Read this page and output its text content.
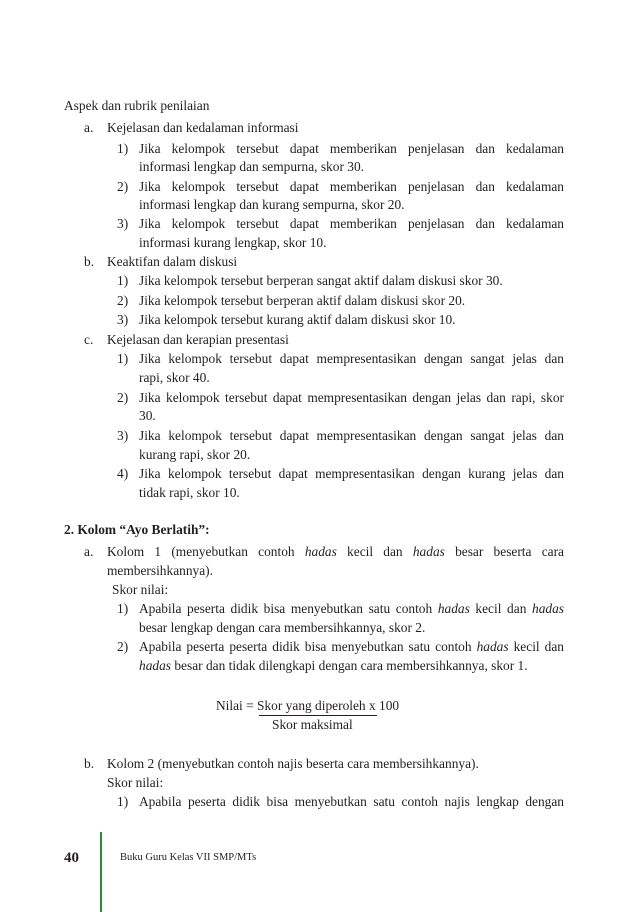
Aspek dan rubrik penilaian
a. Kejelasan dan kedalaman informasi
1) Jika kelompok tersebut dapat memberikan penjelasan dan kedalaman
informasi lengkap dan sempurna, skor 30.
2) Jika kelompok tersebut dapat memberikan penjelasan dan kedalaman
informasi lengkap dan kurang sempurna, skor 20.
3) Jika kelompok tersebut dapat memberikan penjelasan dan kedalaman
informasi kurang lengkap, skor 10.
b. Keaktifan dalam diskusi
1) Jika kelompok tersebut berperan sangat aktif dalam diskusi skor 30.
2) Jika kelompok tersebut berperan aktif dalam diskusi skor 20.
3) Jika kelompok tersebut kurang aktif dalam diskusi skor 10.
c. Kejelasan dan kerapian presentasi
1) Jika kelompok tersebut dapat mempresentasikan dengan sangat jelas dan
rapi, skor 40.
2) Jika kelompok tersebut dapat mempresentasikan dengan jelas dan rapi, skor
30.
3) Jika kelompok tersebut dapat mempresentasikan dengan sangat jelas dan
kurang rapi, skor 20.
4) Jika kelompok tersebut dapat mempresentasikan dengan kurang jelas dan
tidak rapi, skor 10.
2. Kolom “Ayo Berlatih”:
a. Kolom 1 (menyebutkan contoh hadas kecil dan hadas besar beserta cara
membersihkannya).
Skor nilai:
1) Apabila peserta didik bisa menyebutkan satu contoh hadas kecil dan hadas
besar lengkap dengan cara membersihkannya, skor 2.
2) Apabila peserta peserta didik bisa menyebutkan satu contoh hadas kecil dan
hadas besar dan tidak dilengkapi dengan cara membersihkannya, skor 1.
Nilai = Skor yang diperoleh x 100
Skor maksimal
b. Kolom 2 (menyebutkan contoh najis beserta cara membersihkannya).
Skor nilai:
1) Apabila peserta didik bisa menyebutkan satu contoh najis lengkap dengan
40	Buku Guru Kelas VII SMP/MTs
